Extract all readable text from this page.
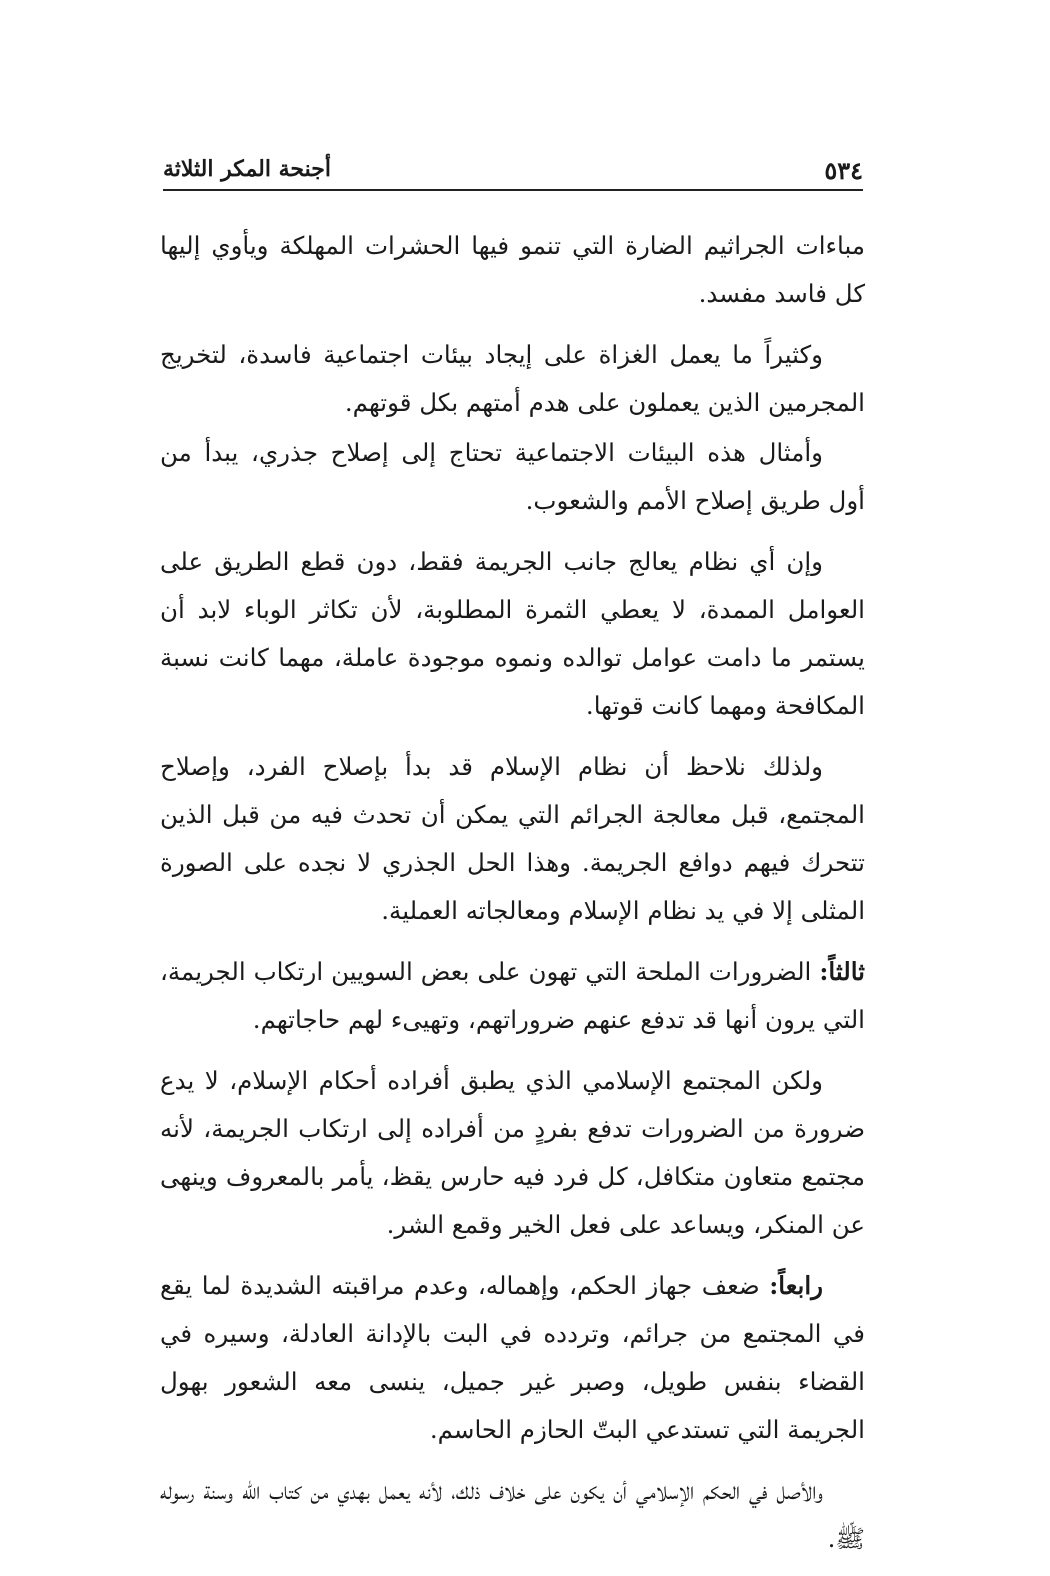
٥٣٤
أجنحة المكر الثلاثة

مباءات الجراثيم الضارة التي تنمو فيها الحشرات المهلكة ويأوي إليها كل فاسد مفسد.

وكثيراً ما يعمل الغزاة على إيجاد بيئات اجتماعية فاسدة، لتخريج المجرمين الذين يعملون على هدم أمتهم بكل قوتهم.

وأمثال هذه البيئات الاجتماعية تحتاج إلى إصلاح جذري، يبدأ من أول طريق إصلاح الأمم والشعوب.

وإن أي نظام يعالج جانب الجريمة فقط، دون قطع الطريق على العوامل الممدة، لا يعطي الثمرة المطلوبة، لأن تكاثر الوباء لابد أن يستمر ما دامت عوامل توالده ونموه موجودة عاملة، مهما كانت نسبة المكافحة ومهما كانت قوتها.

ولذلك نلاحظ أن نظام الإسلام قد بدأ بإصلاح الفرد، وإصلاح المجتمع، قبل معالجة الجرائم التي يمكن أن تحدث فيه من قبل الذين تتحرك فيهم دوافع الجريمة. وهذا الحل الجذري لا نجده على الصورة المثلى إلا في يد نظام الإسلام ومعالجاته العملية.

ثالثاً: الضرورات الملحة التي تهون على بعض السويين ارتكاب الجريمة، التي يرون أنها قد تدفع عنهم ضروراتهم، وتهيىء لهم حاجاتهم.

ولكن المجتمع الإسلامي الذي يطبق أفراده أحكام الإسلام، لا يدع ضرورة من الضرورات تدفع بفردٍ من أفراده إلى ارتكاب الجريمة، لأنه مجتمع متعاون متكافل، كل فرد فيه حارس يقظ، يأمر بالمعروف وينهى عن المنكر، ويساعد على فعل الخير وقمع الشر.

رابعاً: ضعف جهاز الحكم، وإهماله، وعدم مراقبته الشديدة لما يقع في المجتمع من جرائم، وتردده في البت بالإدانة العادلة، وسيره في القضاء بنفس طويل، وصبر غير جميل، ينسى معه الشعور بهول الجريمة التي تستدعي البتّ الحازم الحاسم.

والأصل في الحكم الإسلامي أن يكون على خلاف ذلك، لأنه يعمل بهدي من كتاب الله وسنة رسوله ﷺ.
